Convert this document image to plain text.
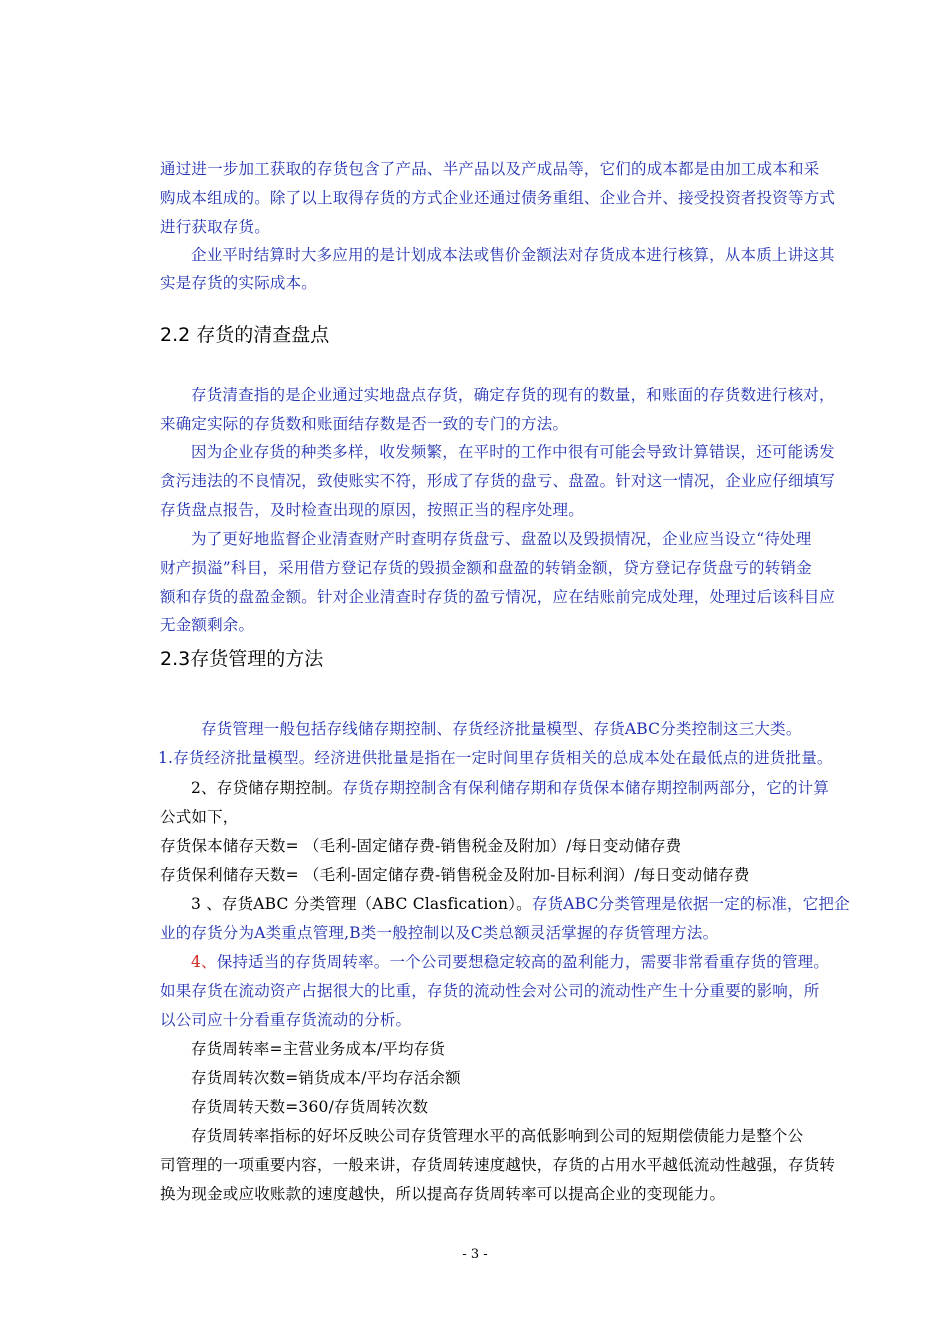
通过进一步加工获取的存货包含了产品、半产品以及产成品等，它们的成本都是由加工成本和采
购成本组成的。除了以上取得存货的方式企业还通过债务重组、企业合并、接受投资者投资等方式
进行获取存货。
企业平时结算时大多应用的是计划成本法或售价金额法对存货成本进行核算，从本质上讲这其
实是存货的实际成本。
2.2 存货的清查盘点
存货清查指的是企业通过实地盘点存货，确定存货的现有的数量，和账面的存货数进行核对，
来确定实际的存货数和账面结存数是否一致的专门的方法。
因为企业存货的种类多样，收发频繁，在平时的工作中很有可能会导致计算错误，还可能诱发
贪污违法的不良情况，致使账实不符，形成了存货的盘亏、盘盈。针对这一情况，企业应仔细填写
存货盘点报告，及时检查出现的原因，按照正当的程序处理。
为了更好地监督企业清查财产时查明存货盘亏、盘盈以及毁损情况，企业应当设立“待处理
财产损溢”科目，采用借方登记存货的毁损金额和盘盈的转销金额，贷方登记存货盘亏的转销金
额和存货的盘盈金额。针对企业清查时存货的盈亏情况，应在结账前完成处理，处理过后该科目应
无金额剩余。
2.3存货管理的方法
存货管理一般包括存线储存期控制、存货经济批量模型、存货ABC分类控制这三大类。
1.存货经济批量模型。经济进供批量是指在一定时间里存货相关的总成本处在最低点的进货批量。
2、存贷储存期控制。存货存期控制含有保利储存期和存货保本储存期控制两部分，它的计算
公式如下，
存货保本储存天数= （毛利-固定储存费-销售税金及附加）/每日变动储存费
存货保利储存天数= （毛利-固定储存费-销售税金及附加-目标利润）/每日变动储存费
3 、存货ABC 分类管理（ABC Clasfication）。存货ABC分类管理是依据一定的标准，它把企
业的存货分为A类重点管理,B类一般控制以及C类总额灵活掌握的存货管理方法。
4、保持适当的存货周转率。一个公司要想稳定较高的盈利能力，需要非常看重存货的管理。
如果存货在流动资产占据很大的比重，存货的流动性会对公司的流动性产生十分重要的影响，所
以公司应十分看重存货流动的分析。
存货周转率=主营业务成本/平均存货
存货周转次数=销货成本/平均存活余额
存货周转天数=360/存货周转次数
存货周转率指标的好坏反映公司存货管理水平的高低影响到公司的短期偿债能力是整个公
司管理的一项重要内容，一般来讲，存货周转速度越快，存货的占用水平越低流动性越强，存货转
换为现金或应收账款的速度越快，所以提高存货周转率可以提高企业的变现能力。
- 3 -
